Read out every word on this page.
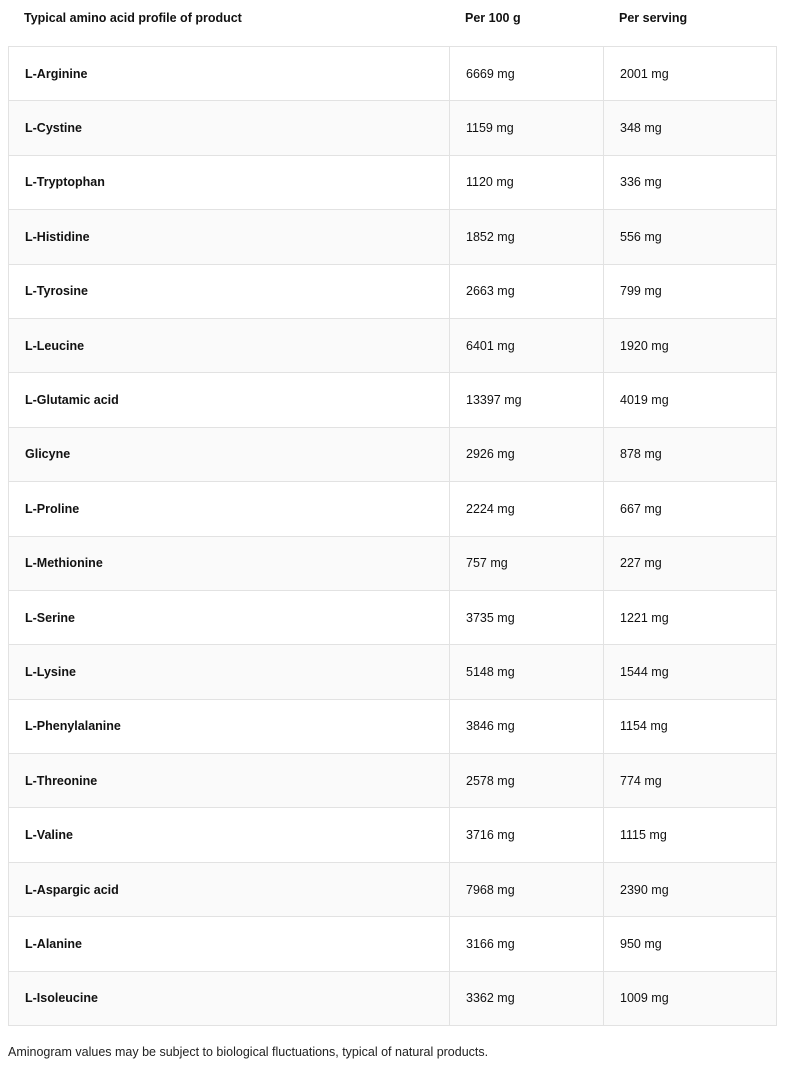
Typical amino acid profile of product	Per 100 g	Per serving
L-Arginine	6669 mg	2001 mg
L-Cystine	1159 mg	348 mg
L-Tryptophan	1120 mg	336 mg
L-Histidine	1852 mg	556 mg
L-Tyrosine	2663 mg	799 mg
L-Leucine	6401 mg	1920 mg
L-Glutamic acid	13397 mg	4019 mg
Glicyne	2926 mg	878 mg
L-Proline	2224 mg	667 mg
L-Methionine	757 mg	227 mg
L-Serine	3735 mg	1221 mg
L-Lysine	5148 mg	1544 mg
L-Phenylalanine	3846 mg	1154 mg
L-Threonine	2578 mg	774 mg
L-Valine	3716 mg	1115 mg
L-Aspargic acid	7968 mg	2390 mg
L-Alanine	3166 mg	950 mg
L-Isoleucine	3362 mg	1009 mg
Aminogram values may be subject to biological fluctuations, typical of natural products.
